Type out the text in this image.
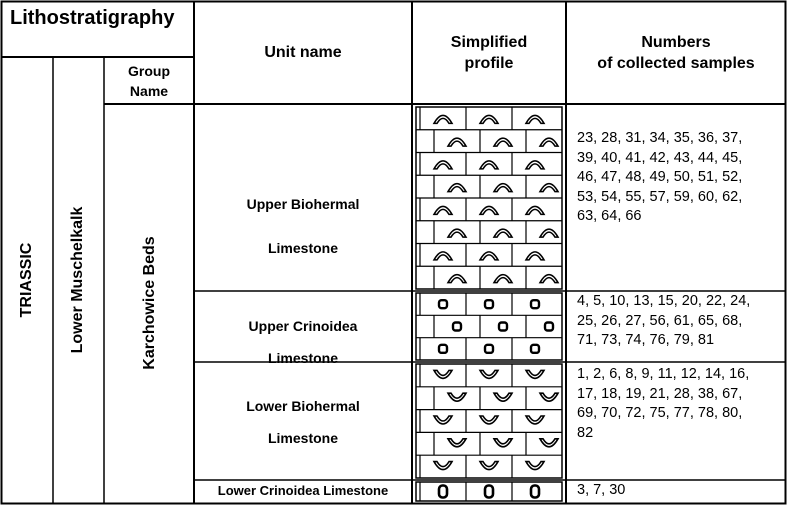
Lithostratigraphy
Group
Name
Unit name
Simplified
profile
Numbers
of collected samples
TRIASSIC Lower Muschelkalk	Karchowice Beds
Upper Biohermal
Limestone
Upper Crinoidea
Limestone
Lower Biohermal
Limestone
Lower Crinoidea Limestone
23, 28, 31, 34, 35, 36, 37,
39, 40, 41, 42, 43, 44, 45,
46, 47, 48, 49, 50, 51, 52,
53, 54, 55, 57, 59, 60, 62,
63, 64, 66
4, 5, 10, 13, 15, 20, 22, 24,
25, 26, 27, 56, 61, 65, 68,
71, 73, 74, 76, 79, 81
1, 2, 6, 8, 9, 11, 12, 14, 16,
17, 18, 19, 21, 28, 38, 67,
69, 70, 72, 75, 77, 78, 80,
82
3, 7, 30
